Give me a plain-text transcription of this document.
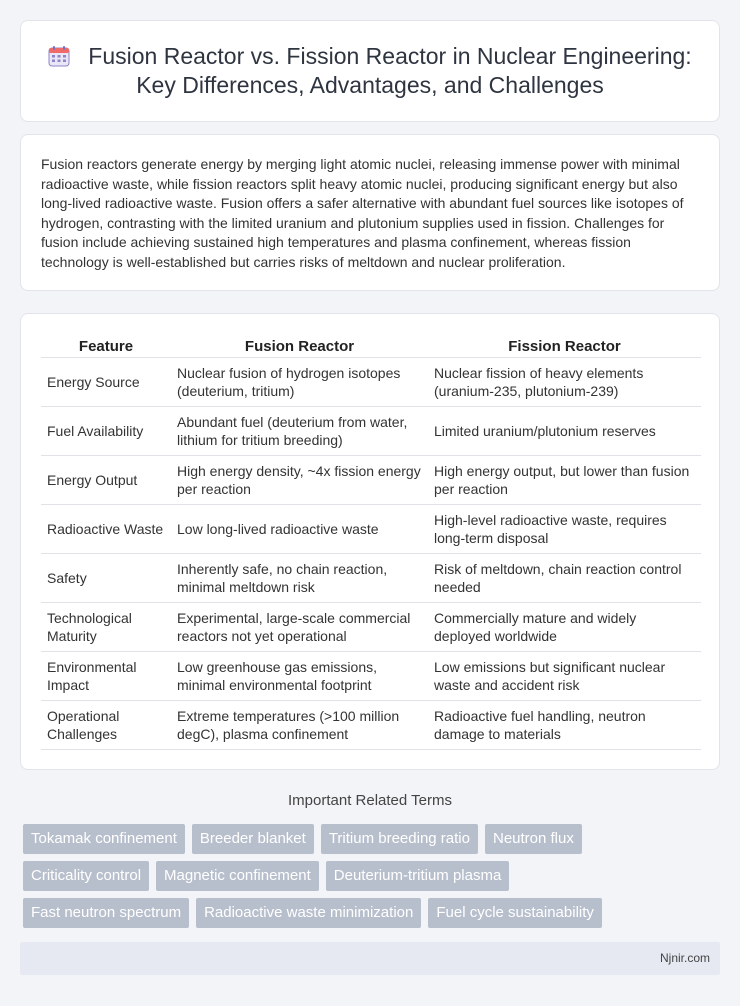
Fusion Reactor vs. Fission Reactor in Nuclear Engineering: Key Differences, Advantages, and Challenges

Fusion reactors generate energy by merging light atomic nuclei, releasing immense power with minimal radioactive waste, while fission reactors split heavy atomic nuclei, producing significant energy but also long-lived radioactive waste. Fusion offers a safer alternative with abundant fuel sources like isotopes of hydrogen, contrasting with the limited uranium and plutonium supplies used in fission. Challenges for fusion include achieving sustained high temperatures and plasma confinement, whereas fission technology is well-established but carries risks of meltdown and nuclear proliferation.

Feature	Fusion Reactor	Fission Reactor
Energy Source	Nuclear fusion of hydrogen isotopes (deuterium, tritium)	Nuclear fission of heavy elements (uranium-235, plutonium-239)
Fuel Availability	Abundant fuel (deuterium from water, lithium for tritium breeding)	Limited uranium/plutonium reserves
Energy Output	High energy density, ~4x fission energy per reaction	High energy output, but lower than fusion per reaction
Radioactive Waste	Low long-lived radioactive waste	High-level radioactive waste, requires long-term disposal
Safety	Inherently safe, no chain reaction, minimal meltdown risk	Risk of meltdown, chain reaction control needed
Technological Maturity	Experimental, large-scale commercial reactors not yet operational	Commercially mature and widely deployed worldwide
Environmental Impact	Low greenhouse gas emissions, minimal environmental footprint	Low emissions but significant nuclear waste and accident risk
Operational Challenges	Extreme temperatures (>100 million degC), plasma confinement	Radioactive fuel handling, neutron damage to materials
Important Related Terms
Tokamak confinement	Breeder blanket	Tritium breeding ratio	Neutron flux
Criticality control	Magnetic confinement	Deuterium-tritium plasma
Fast neutron spectrum	Radioactive waste minimization	Fuel cycle sustainability
Njnir.com
